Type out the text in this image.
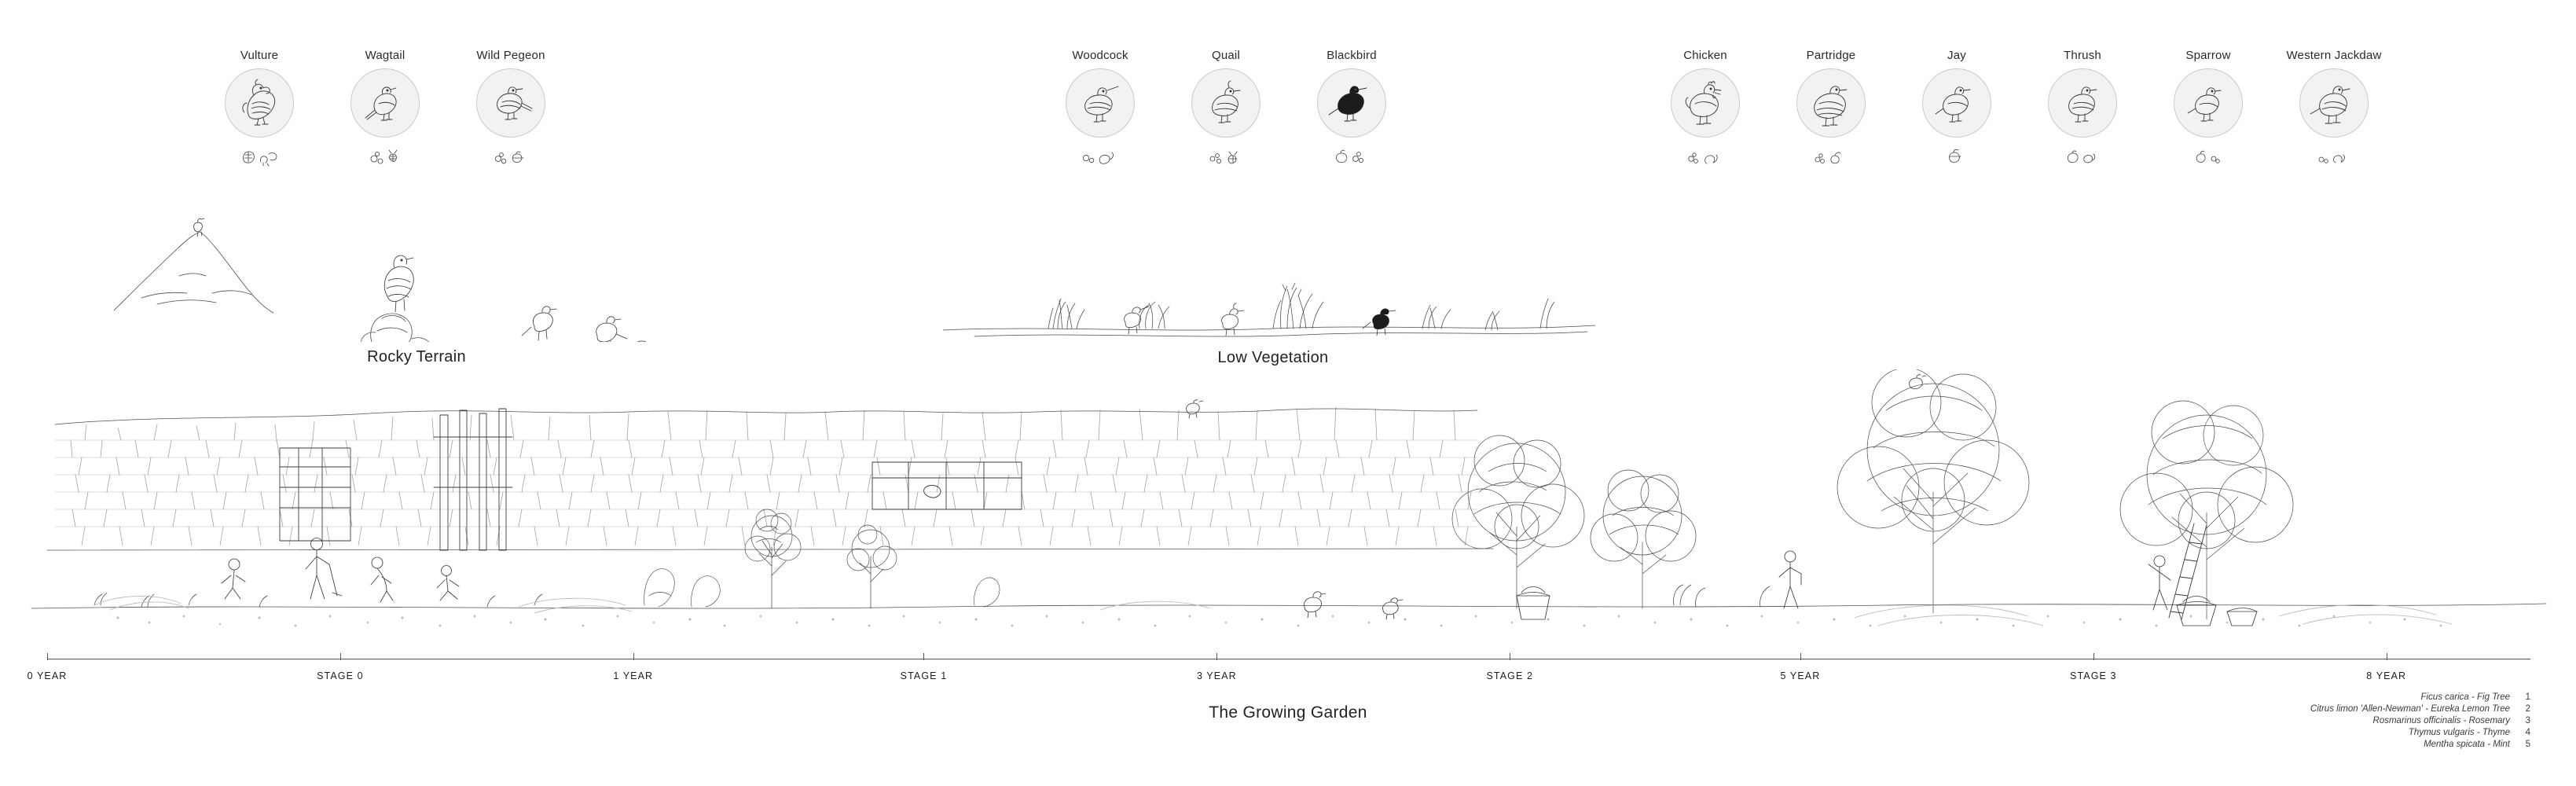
Vulture	Wagtail	Wild Pegeon	Woodcock	Quail	Blackbird	Chicken	Partridge	Jay	Thrush	Sparrow	Western Jackdaw
Rocky Terrain	Low Vegetation
0 YEAR	STAGE 0	1 YEAR	STAGE 1	3 YEAR	STAGE 2	5 YEAR	STAGE 3	8 YEAR
The Growing Garden
Ficus carica - Fig Tree 1
Citrus limon 'Allen-Newman' - Eureka Lemon Tree 2
Rosmarinus officinalis - Rosemary 3
Thymus vulgaris - Thyme 4
Mentha spicata - Mint 5
